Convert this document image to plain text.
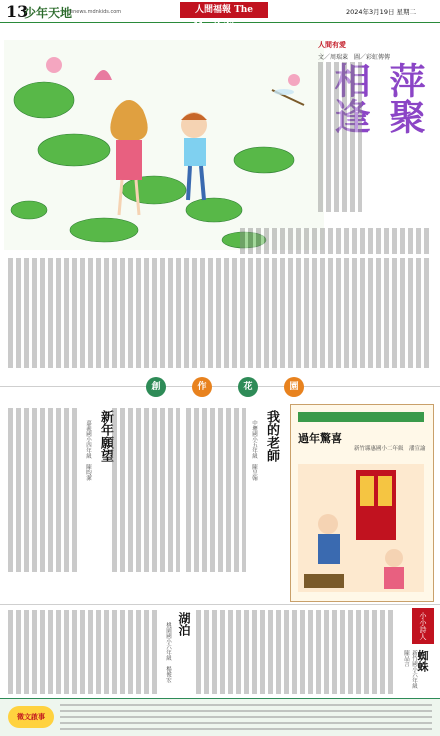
13
少年天地
enews.mdnkids.com	人間福報 The Merit Times
2024年3月19日 星期二
人間有愛
文／周瑞萊　圖／彩虹傳傳
萍聚
相逢
創	作	花	園
我的老師
中壢國小五年級　陳昱翰
新年願望
嘉義國小四年級　陳昀潔	過年驚喜
新竹縣惠國小二年級　潘宣諭
湖泊
桃園國小六年級　楊俊宏	小小詩人
蜘蛛
新竹國小六年級　陳品言
徵文啟事
